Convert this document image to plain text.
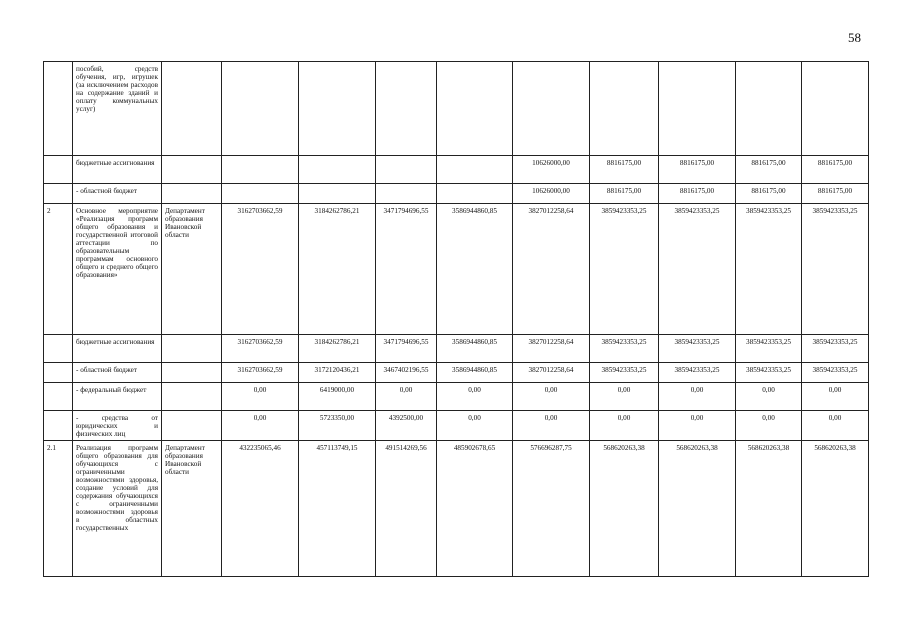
58
	пособий, средств обучения, игр, игрушек (за исключением расходов на содержание зданий и оплату коммунальных услуг)										
	бюджетные ассигнования						10626000,00	8816175,00	8816175,00	8816175,00	8816175,00
	- областной бюджет						10626000,00	8816175,00	8816175,00	8816175,00	8816175,00
2	Основное мероприятие «Реализация программ общего образования и государственной итоговой аттестации по образовательным программам основного общего и среднего общего образования»	Департамент образования Ивановской области	3162703662,59	3184262786,21	3471794696,55	3586944860,85	3827012258,64	3859423353,25	3859423353,25	3859423353,25	3859423353,25
	бюджетные ассигнования		3162703662,59	3184262786,21	3471794696,55	3586944860,85	3827012258,64	3859423353,25	3859423353,25	3859423353,25	3859423353,25
	- областной бюджет		3162703662,59	3172120436,21	3467402196,55	3586944860,85	3827012258,64	3859423353,25	3859423353,25	3859423353,25	3859423353,25
	- федеральный бюджет		0,00	6419000,00	0,00	0,00	0,00	0,00	0,00	0,00	0,00
	- средства от юридических и физических лиц		0,00	5723350,00	4392500,00	0,00	0,00	0,00	0,00	0,00	0,00
2.1	Реализация программ общего образования для обучающихся с ограниченными возможностями здоровья, создание условий для содержания обучающихся с ограниченными возможностями здоровья в областных государственных	Департамент образования Ивановской области	432235065,46	457113749,15	491514269,56	485902678,65	576696287,75	568620263,38	568620263,38	568620263,38	568620263,38
